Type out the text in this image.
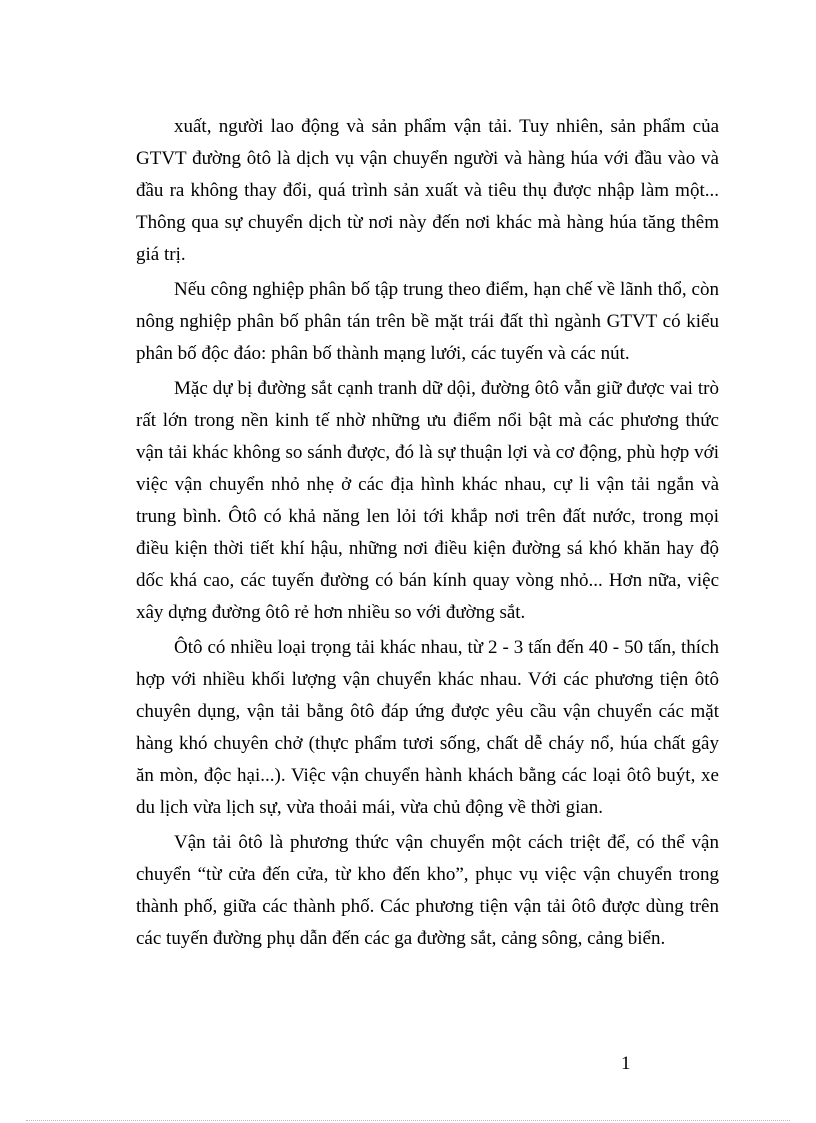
xuất, người lao động và sản phẩm vận tải. Tuy nhiên, sản phẩm của GTVT đường ôtô là dịch vụ vận chuyển người và hàng húa với đầu vào và đầu ra không thay đổi, quá trình sản xuất và tiêu thụ được nhập làm một... Thông qua sự chuyển dịch từ nơi này đến nơi khác mà hàng húa tăng thêm giá trị.

Nếu công nghiệp phân bố tập trung theo điểm, hạn chế về lãnh thổ, còn nông nghiệp phân bố phân tán trên bề mặt trái đất thì ngành GTVT có kiểu phân bố độc đáo: phân bố thành mạng lưới, các tuyến và các nút.

Mặc dự bị đường sắt cạnh tranh dữ dội, đường ôtô vẫn giữ được vai trò rất lớn trong nền kinh tế nhờ những ưu điểm nổi bật mà các phương thức vận tải khác không so sánh được, đó là sự thuận lợi và cơ động, phù hợp với việc vận chuyển nhỏ nhẹ ở các địa hình khác nhau, cự li vận tải ngắn và trung bình. Ôtô có khả năng len lỏi tới khắp nơi trên đất nước, trong mọi điều kiện thời tiết khí hậu, những nơi điều kiện đường sá khó khăn hay độ dốc khá cao, các tuyến đường có bán kính quay vòng nhỏ... Hơn nữa, việc xây dựng đường ôtô rẻ hơn nhiều so với đường sắt.

Ôtô có nhiều loại trọng tải khác nhau, từ 2 - 3 tấn đến 40 - 50 tấn, thích hợp với nhiều khối lượng vận chuyển khác nhau. Với các phương tiện ôtô chuyên dụng, vận tải bằng ôtô đáp ứng được yêu cầu vận chuyển các mặt hàng khó chuyên chở (thực phẩm tươi sống, chất dễ cháy nổ, húa chất gây ăn mòn, độc hại...). Việc vận chuyển hành khách bằng các loại ôtô buýt, xe du lịch vừa lịch sự, vừa thoải mái, vừa chủ động về thời gian.

Vận tải ôtô là phương thức vận chuyển một cách triệt để, có thể vận chuyển “từ cửa đến cửa, từ kho đến kho”, phục vụ việc vận chuyển trong thành phố, giữa các thành phố. Các phương tiện vận tải ôtô được dùng trên các tuyến đường phụ dẫn đến các ga đường sắt, cảng sông, cảng biển.

1
